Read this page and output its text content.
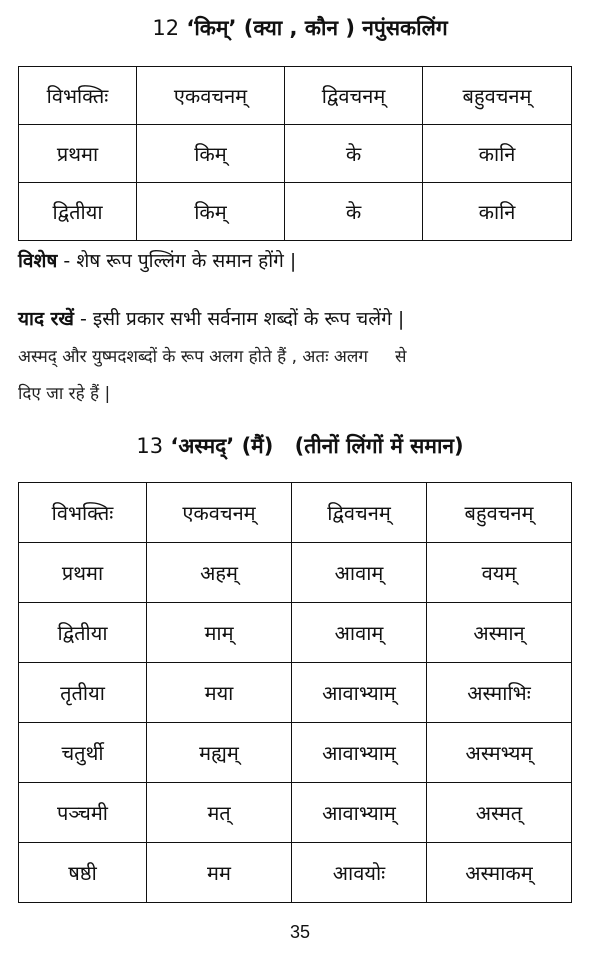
12 ‘किम्’ (क्या , कौन ) नपुंसकलिंग
विभक्तिः	एकवचनम्	द्विवचनम्	बहुवचनम्
प्रथमा	किम्	के	कानि
द्वितीया	किम्	के	कानि
विशेष - शेष रूप पुल्लिंग के समान होंगे |
याद रखें - इसी प्रकार सभी सर्वनाम शब्दों के रूप चलेंगे |
अस्मद् और युष्मदशब्दों के रूप अलग होते हैं , अतः अलग     से
दिए जा रहे हैं |
13 ‘अस्मद्’ (मैं) (तीनों लिंगों में समान)
विभक्तिः	एकवचनम्	द्विवचनम्	बहुवचनम्
प्रथमा	अहम्	आवाम्	वयम्
द्वितीया	माम्	आवाम्	अस्मान्
तृतीया	मया	आवाभ्याम्	अस्माभिः
चतुर्थी	मह्यम्	आवाभ्याम्	अस्मभ्यम्
पञ्चमी	मत्	आवाभ्याम्	अस्मत्
षष्ठी	मम	आवयोः	अस्माकम्
35
